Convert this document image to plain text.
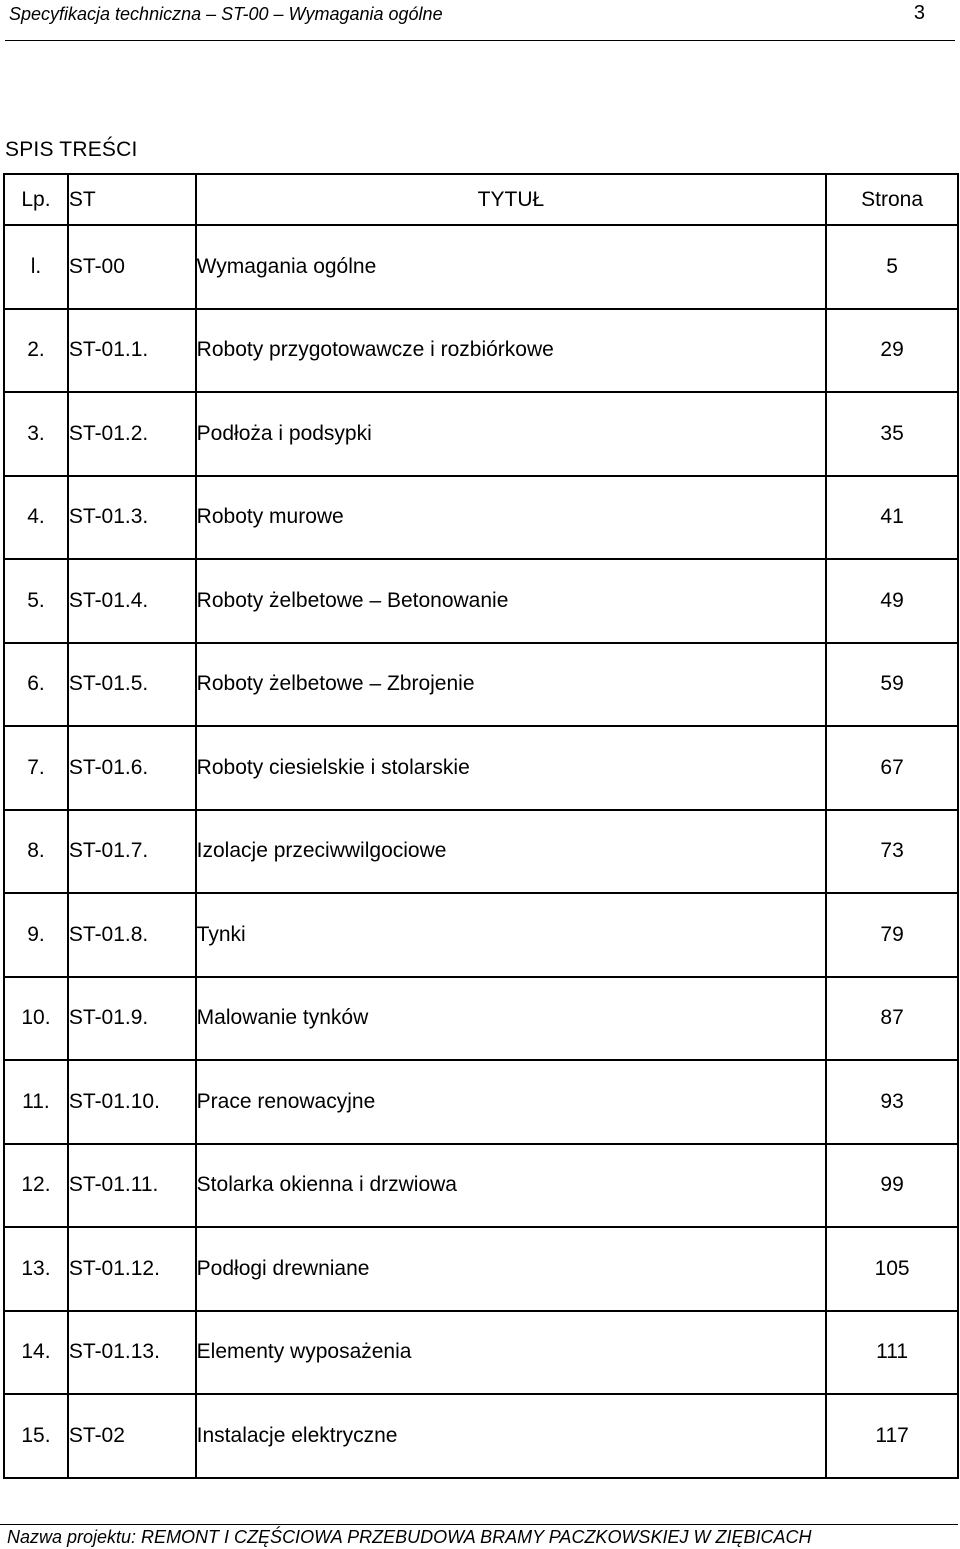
Specyfikacja techniczna – ST-00 – Wymagania ogólne	3
SPIS TREŚCI
Lp.	ST	TYTUŁ	Strona
l.	ST-00	Wymagania ogólne	5
2.	ST-01.1.	Roboty przygotowawcze i rozbiórkowe	29
3.	ST-01.2.	Podłoża i podsypki	35
4.	ST-01.3.	Roboty murowe	41
5.	ST-01.4.	Roboty żelbetowe – Betonowanie	49
6.	ST-01.5.	Roboty żelbetowe – Zbrojenie	59
7.	ST-01.6.	Roboty ciesielskie i stolarskie	67
8.	ST-01.7.	Izolacje przeciwwilgociowe	73
9.	ST-01.8.	Tynki	79
10.	ST-01.9.	Malowanie tynków	87
11.	ST-01.10.	Prace renowacyjne	93
12.	ST-01.11.	Stolarka okienna i drzwiowa	99
13.	ST-01.12.	Podłogi drewniane	105
14.	ST-01.13.	Elementy wyposażenia	111
15.	ST-02	Instalacje elektryczne	117
Nazwa projektu: REMONT I CZĘŚCIOWA PRZEBUDOWA BRAMY PACZKOWSKIEJ W ZIĘBICACH
